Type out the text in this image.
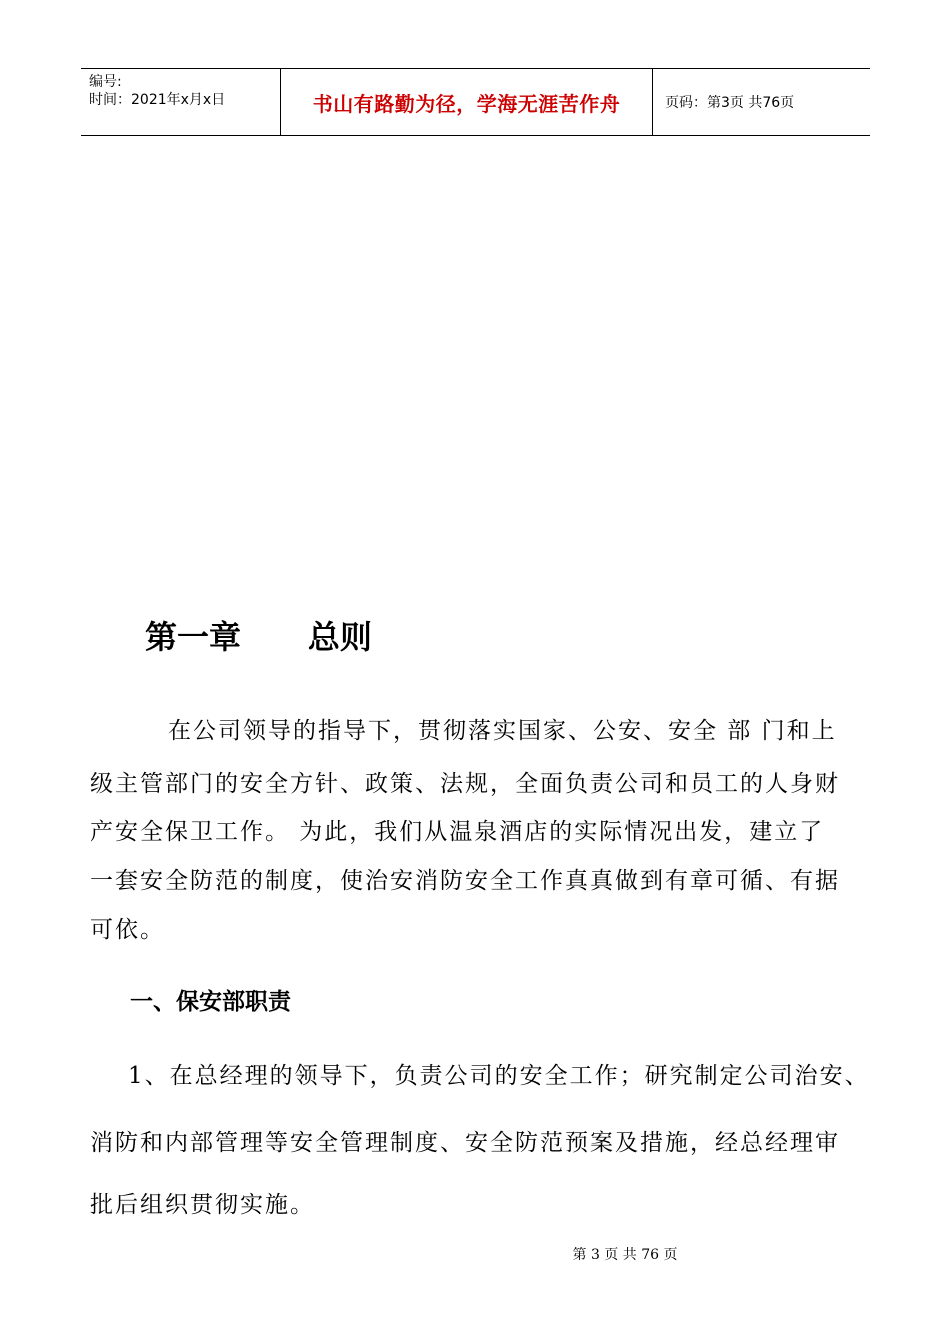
编号:
时间：2021年x月x日	书山有路勤为径，学海无涯苦作舟	页码：第3页 共76页
第一章      总则
在公司领导的指导下，贯彻落实国家、公安、安全 部 门和上
级主管部门的安全方针、政策、法规，全面负责公司和员工的人身财
产安全保卫工作。 为此，我们从温泉酒店的实际情况出发，建立了
一套安全防范的制度，使治安消防安全工作真真做到有章可循、有据
可依。
一、保安部职责
1、在总经理的领导下，负责公司的安全工作；研究制定公司治安、
消防和内部管理等安全管理制度、安全防范预案及措施，经总经理审
批后组织贯彻实施。
第 3 页 共 76 页
